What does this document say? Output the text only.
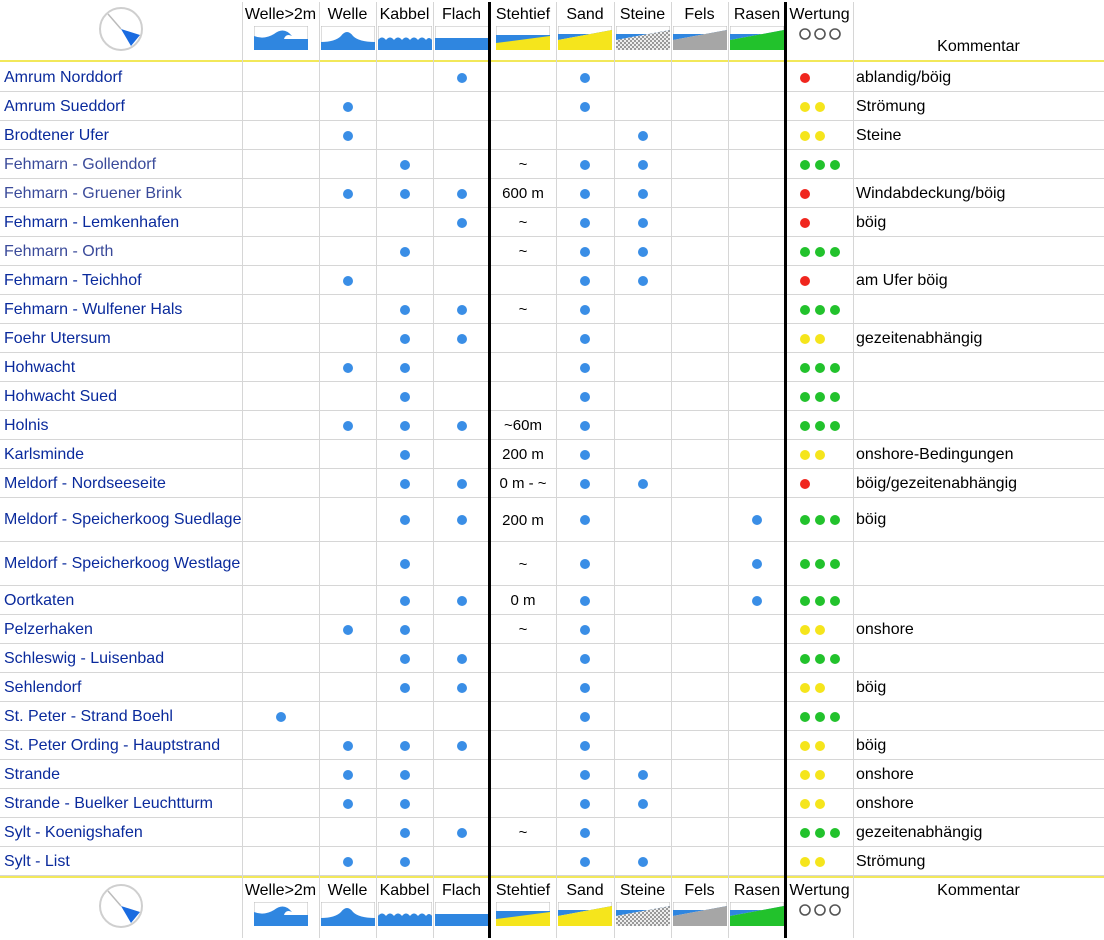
Welle>2m Welle Kabbel Flach Stehtief Sand Steine Fels Rasen Wertung
Kommentar
Welle>2m Welle Kabbel Flach Stehtief Sand Steine Fels Rasen Wertung	Kommentar
Amrum Norddorf	ablandig/böig
Amrum Sueddorf	Strömung
Brodtener Ufer	Steine
Fehmarn - Gollendorf	~
Fehmarn - Gruener Brink	600 m	Windabdeckung/böig
Fehmarn - Lemkenhafen	~	böig
Fehmarn - Orth	~
Fehmarn - Teichhof	am Ufer böig
Fehmarn - Wulfener Hals	~
Foehr Utersum	gezeitenabhängig
Hohwacht
Hohwacht Sued
Holnis	~60m
Karlsminde	200 m	onshore-Bedingungen
Meldorf - Nordseeseite	0 m - ~	böig/gezeitenabhängig
Meldorf - Speicherkoog Suedlage	200 m	böig
Meldorf - Speicherkoog Westlage	~
Oortkaten	0 m
Pelzerhaken	~	onshore
Schleswig - Luisenbad
Sehlendorf	böig
St. Peter - Strand Boehl
St. Peter Ording - Hauptstrand	böig
Strande	onshore
Strande - Buelker Leuchtturm	onshore
Sylt - Koenigshafen	~	gezeitenabhängig
Sylt - List	Strömung
